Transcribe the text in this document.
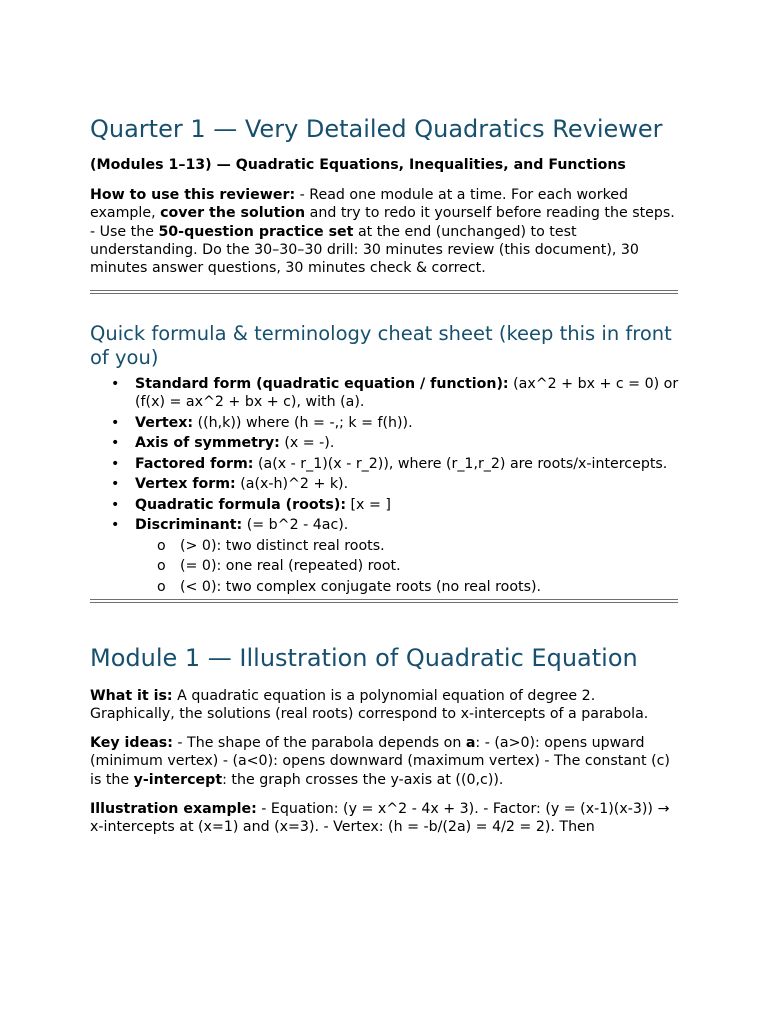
Quarter 1 — Very Detailed Quadratics Reviewer

(Modules 1–13) — Quadratic Equations, Inequalities, and Functions

How to use this reviewer: - Read one module at a time. For each worked example, cover the solution and try to redo it yourself before reading the steps. - Use the 50-question practice set at the end (unchanged) to test understanding. Do the 30–30–30 drill: 30 minutes review (this document), 30 minutes answer questions, 30 minutes check & correct.

Quick formula & terminology cheat sheet (keep this in front of you)
• Standard form (quadratic equation / function): (ax^2 + bx + c = 0) or (f(x) = ax^2 + bx + c), with (a).
• Vertex: ((h,k)) where (h = -,; k = f(h)).
• Axis of symmetry: (x = -).
• Factored form: (a(x - r_1)(x - r_2)), where (r_1,r_2) are roots/x-intercepts.
• Vertex form: (a(x-h)^2 + k).
• Quadratic formula (roots): [x = ]
• Discriminant: (= b^2 - 4ac).
o (> 0): two distinct real roots.
o (= 0): one real (repeated) root.
o (< 0): two complex conjugate roots (no real roots).
Module 1 — Illustration of Quadratic Equation

What it is: A quadratic equation is a polynomial equation of degree 2. Graphically, the solutions (real roots) correspond to x-intercepts of a parabola.

Key ideas: - The shape of the parabola depends on a: - (a>0): opens upward (minimum vertex) - (a<0): opens downward (maximum vertex) - The constant (c) is the y-intercept: the graph crosses the y-axis at ((0,c)).

Illustration example: - Equation: (y = x^2 - 4x + 3). - Factor: (y = (x-1)(x-3)) → x-intercepts at (x=1) and (x=3). - Vertex: (h = -b/(2a) = 4/2 = 2). Then
